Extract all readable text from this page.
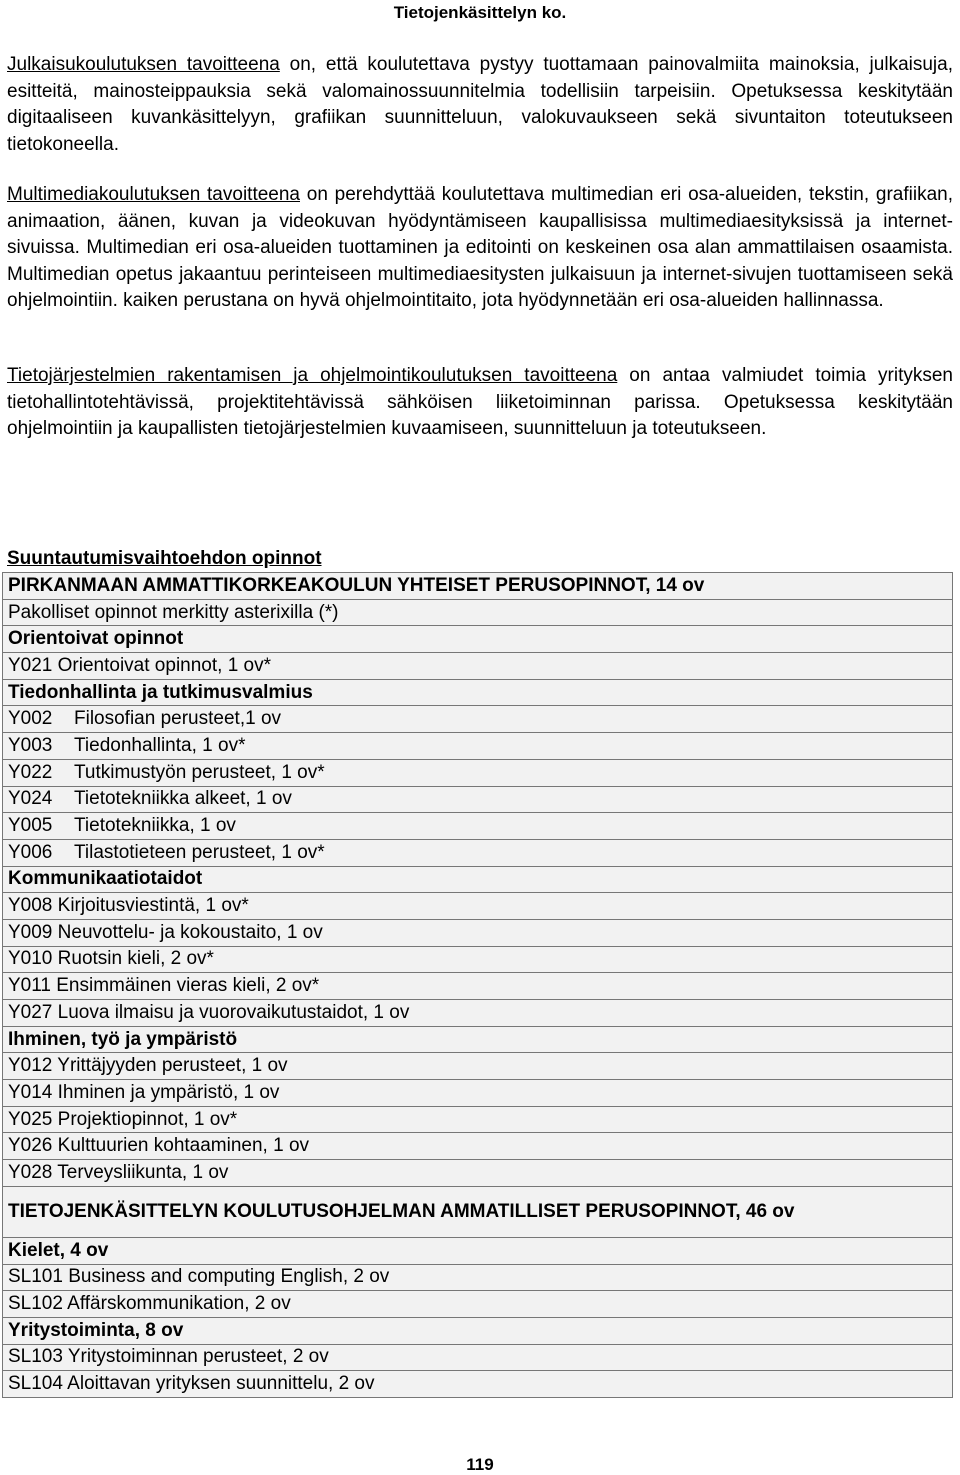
Tietojenkäsittelyn ko.
Julkaisukoulutuksen tavoitteena on, että koulutettava pystyy tuottamaan painovalmiita mainoksia, julkaisuja, esitteitä, mainosteippauksia sekä valomainossuunnitelmia todellisiin tarpeisiin. Opetuksessa keskitytään digitaaliseen kuvankäsittelyyn, grafiikan suunnitteluun, valokuvaukseen sekä sivuntaiton toteutukseen tietokoneella.
Multimediakoulutuksen tavoitteena on perehdyttää koulutettava multimedian eri osa-alueiden, tekstin, grafiikan, animaation, äänen, kuvan ja videokuvan hyödyntämiseen kaupallisissa multimediaesityksissä ja internet-sivuissa. Multimedian eri osa-alueiden tuottaminen ja editointi on keskeinen osa alan ammattilaisen osaamista. Multimedian opetus jakaantuu perinteiseen multimediaesitysten julkaisuun ja internet-sivujen tuottamiseen sekä ohjelmointiin. kaiken perustana on hyvä ohjelmointitaito, jota hyödynnetään eri osa-alueiden hallinnassa.
Tietojärjestelmien rakentamisen ja ohjelmointikoulutuksen tavoitteena on antaa valmiudet toimia yrityksen tietohallintotehtävissä, projektitehtävissä sähköisen liiketoiminnan parissa. Opetuksessa keskitytään ohjelmointiin ja kaupallisten tietojärjestelmien kuvaamiseen, suunnitteluun ja toteutukseen.
Suuntautumisvaihtoehdon opinnot
PIRKANMAAN AMMATTIKORKEAKOULUN YHTEISET PERUSOPINNOT, 14 ov
Pakolliset opinnot merkitty asterixilla (*)
Orientoivat opinnot
Y021 Orientoivat opinnot, 1 ov*
Tiedonhallinta ja tutkimusvalmius
Y002 Filosofian perusteet,1 ov
Y003 Tiedonhallinta, 1 ov*
Y022 Tutkimustyön perusteet, 1 ov*
Y024 Tietotekniikka alkeet, 1 ov
Y005 Tietotekniikka, 1 ov
Y006 Tilastotieteen perusteet, 1 ov*
Kommunikaatiotaidot
Y008 Kirjoitusviestintä, 1 ov*
Y009 Neuvottelu- ja kokoustaito, 1 ov
Y010 Ruotsin kieli, 2 ov*
Y011 Ensimmäinen vieras kieli, 2 ov*
Y027 Luova ilmaisu ja vuorovaikutustaidot, 1 ov
Ihminen, työ ja ympäristö
Y012 Yrittäjyyden perusteet, 1 ov
Y014 Ihminen ja ympäristö, 1 ov
Y025 Projektiopinnot, 1 ov*
Y026 Kulttuurien kohtaaminen, 1 ov
Y028 Terveysliikunta, 1 ov
TIETOJENKÄSITTELYN KOULUTUSOHJELMAN AMMATILLISET PERUSOPINNOT, 46 ov
Kielet, 4 ov
SL101 Business and computing English, 2 ov
SL102 Affärskommunikation, 2 ov
Yritystoiminta, 8 ov
SL103 Yritystoiminnan perusteet, 2 ov
SL104 Aloittavan yrityksen suunnittelu, 2 ov
119
